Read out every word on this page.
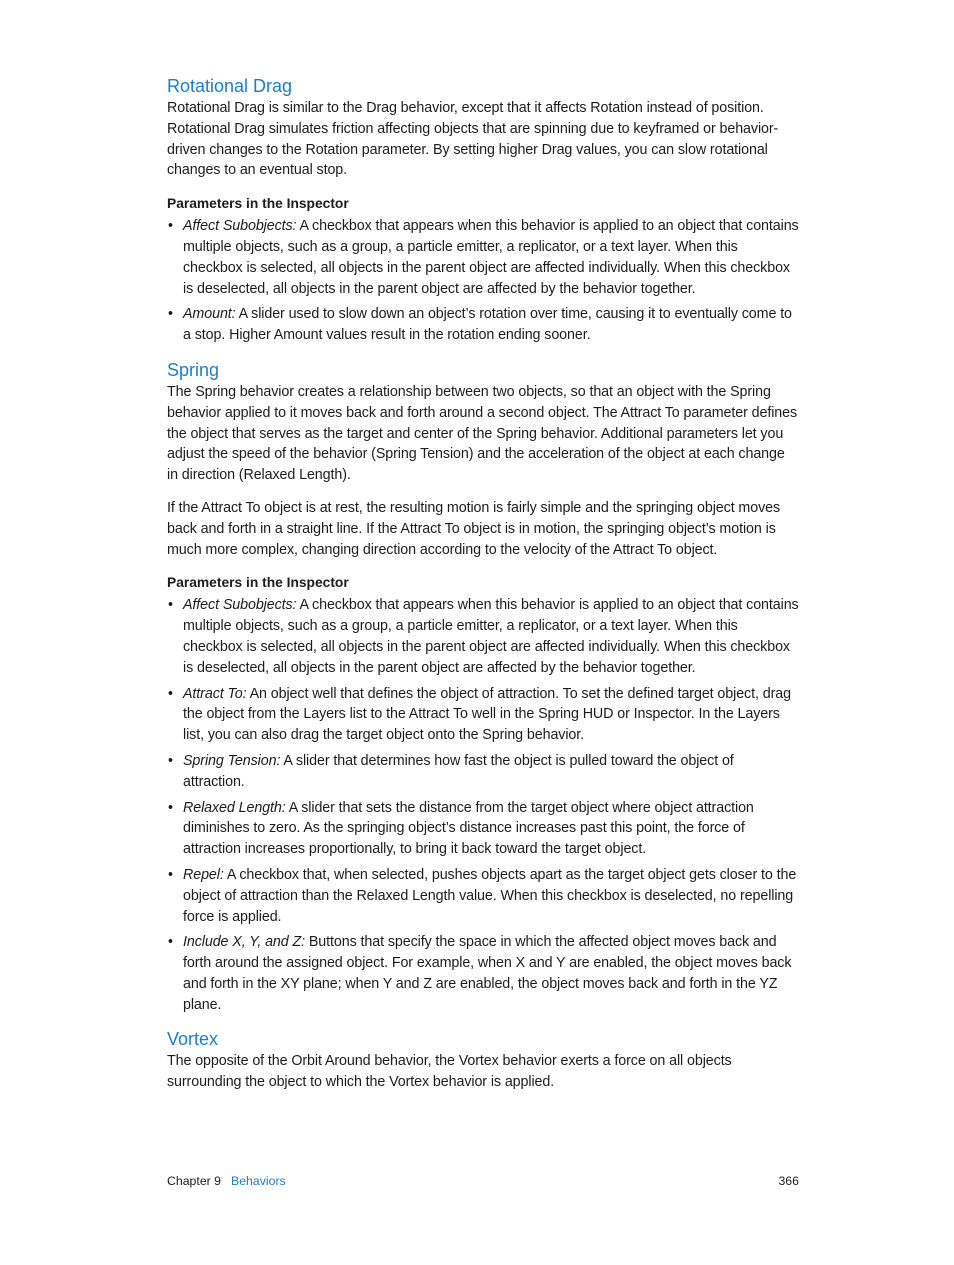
Rotational Drag

Rotational Drag is similar to the Drag behavior, except that it affects Rotation instead of position. Rotational Drag simulates friction affecting objects that are spinning due to keyframed or behavior-driven changes to the Rotation parameter. By setting higher Drag values, you can slow rotational changes to an eventual stop.

Parameters in the Inspector
• Affect Subobjects: A checkbox that appears when this behavior is applied to an object that contains multiple objects, such as a group, a particle emitter, a replicator, or a text layer. When this checkbox is selected, all objects in the parent object are affected individually. When this checkbox is deselected, all objects in the parent object are affected by the behavior together.
• Amount: A slider used to slow down an object’s rotation over time, causing it to eventually come to a stop. Higher Amount values result in the rotation ending sooner.
Spring

The Spring behavior creates a relationship between two objects, so that an object with the Spring behavior applied to it moves back and forth around a second object. The Attract To parameter defines the object that serves as the target and center of the Spring behavior. Additional parameters let you adjust the speed of the behavior (Spring Tension) and the acceleration of the object at each change in direction (Relaxed Length).

If the Attract To object is at rest, the resulting motion is fairly simple and the springing object moves back and forth in a straight line. If the Attract To object is in motion, the springing object’s motion is much more complex, changing direction according to the velocity of the Attract To object.

Parameters in the Inspector
• Affect Subobjects: A checkbox that appears when this behavior is applied to an object that contains multiple objects, such as a group, a particle emitter, a replicator, or a text layer. When this checkbox is selected, all objects in the parent object are affected individually. When this checkbox is deselected, all objects in the parent object are affected by the behavior together.
• Attract To: An object well that defines the object of attraction. To set the defined target object, drag the object from the Layers list to the Attract To well in the Spring HUD or Inspector. In the Layers list, you can also drag the target object onto the Spring behavior.
• Spring Tension: A slider that determines how fast the object is pulled toward the object of attraction.
• Relaxed Length: A slider that sets the distance from the target object where object attraction diminishes to zero. As the springing object’s distance increases past this point, the force of attraction increases proportionally, to bring it back toward the target object.
• Repel: A checkbox that, when selected, pushes objects apart as the target object gets closer to the object of attraction than the Relaxed Length value. When this checkbox is deselected, no repelling force is applied.
• Include X, Y, and Z: Buttons that specify the space in which the affected object moves back and forth around the assigned object. For example, when X and Y are enabled, the object moves back and forth in the XY plane; when Y and Z are enabled, the object moves back and forth in the YZ plane.
Vortex

The opposite of the Orbit Around behavior, the Vortex behavior exerts a force on all objects surrounding the object to which the Vortex behavior is applied.

Chapter 9 Behaviors	366
